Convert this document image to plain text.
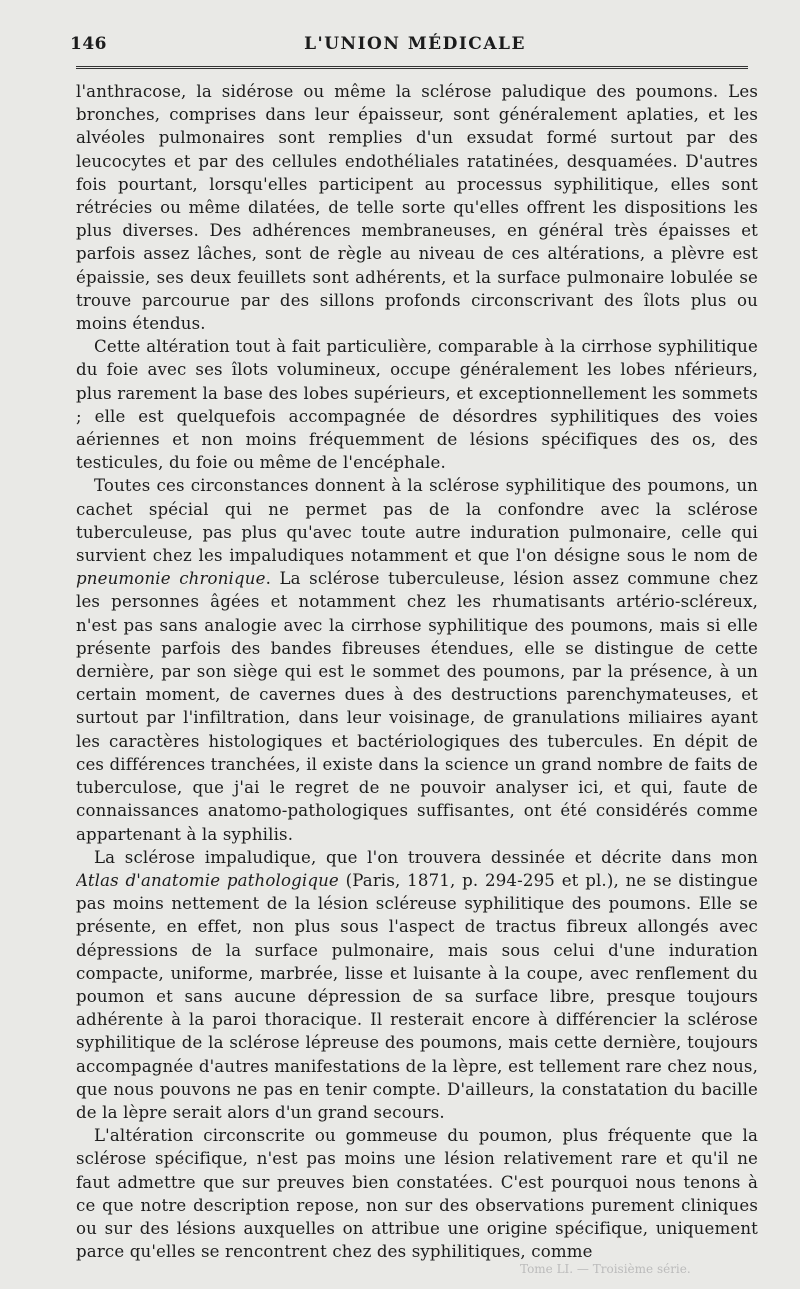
146	L'UNION MÉDICALE

l'anthracose, la sidérose ou même la sclérose paludique des poumons. Les bronches, comprises dans leur épaisseur, sont généralement aplaties, et les alvéoles pulmonaires sont remplies d'un exsudat formé surtout par des leucocytes et par des cellules endothéliales ratatinées, desquamées. D'autres fois pourtant, lorsqu'elles participent au processus syphilitique, elles sont rétrécies ou même dilatées, de telle sorte qu'elles offrent les dispositions les plus diverses. Des adhérences membraneuses, en général très épaisses et parfois assez lâches, sont de règle au niveau de ces altérations, a plèvre est épaissie, ses deux feuillets sont adhérents, et la surface pulmonaire lobulée se trouve parcourue par des sillons profonds circonscrivant des îlots plus ou moins étendus.

Cette altération tout à fait particulière, comparable à la cirrhose syphilitique du foie avec ses îlots volumineux, occupe généralement les lobes nférieurs, plus rarement la base des lobes supérieurs, et exceptionnellement les sommets ; elle est quelquefois accompagnée de désordres syphilitiques des voies aériennes et non moins fréquemment de lésions spécifiques des os, des testicules, du foie ou même de l'encéphale.

Toutes ces circonstances donnent à la sclérose syphilitique des poumons, un cachet spécial qui ne permet pas de la confondre avec la sclérose tuberculeuse, pas plus qu'avec toute autre induration pulmonaire, celle qui survient chez les impaludiques notamment et que l'on désigne sous le nom de pneumonie chronique. La sclérose tuberculeuse, lésion assez commune chez les personnes âgées et notamment chez les rhumatisants artério-scléreux, n'est pas sans analogie avec la cirrhose syphilitique des poumons, mais si elle présente parfois des bandes fibreuses étendues, elle se distingue de cette dernière, par son siège qui est le sommet des poumons, par la présence, à un certain moment, de cavernes dues à des destructions parenchymateuses, et surtout par l'infiltration, dans leur voisinage, de granulations miliaires ayant les caractères histologiques et bactériologiques des tubercules. En dépit de ces différences tranchées, il existe dans la science un grand nombre de faits de tuberculose, que j'ai le regret de ne pouvoir analyser ici, et qui, faute de connaissances anatomo-pathologiques suffisantes, ont été considérés comme appartenant à la syphilis.

La sclérose impaludique, que l'on trouvera dessinée et décrite dans mon Atlas d'anatomie pathologique (Paris, 1871, p. 294-295 et pl.), ne se distingue pas moins nettement de la lésion scléreuse syphilitique des poumons. Elle se présente, en effet, non plus sous l'aspect de tractus fibreux allongés avec dépressions de la surface pulmonaire, mais sous celui d'une induration compacte, uniforme, marbrée, lisse et luisante à la coupe, avec renflement du poumon et sans aucune dépression de sa surface libre, presque toujours adhérente à la paroi thoracique. Il resterait encore à différencier la sclérose syphilitique de la sclérose lépreuse des poumons, mais cette dernière, toujours accompagnée d'autres manifestations de la lèpre, est tellement rare chez nous, que nous pouvons ne pas en tenir compte. D'ailleurs, la constatation du bacille de la lèpre serait alors d'un grand secours.

L'altération circonscrite ou gommeuse du poumon, plus fréquente que la sclérose spécifique, n'est pas moins une lésion relativement rare et qu'il ne faut admettre que sur preuves bien constatées. C'est pourquoi nous tenons à ce que notre description repose, non sur des observations purement cliniques ou sur des lésions auxquelles on attribue une origine spécifique, uniquement parce qu'elles se rencontrent chez des syphilitiques, comme

Tome LI. — Troisième série.
